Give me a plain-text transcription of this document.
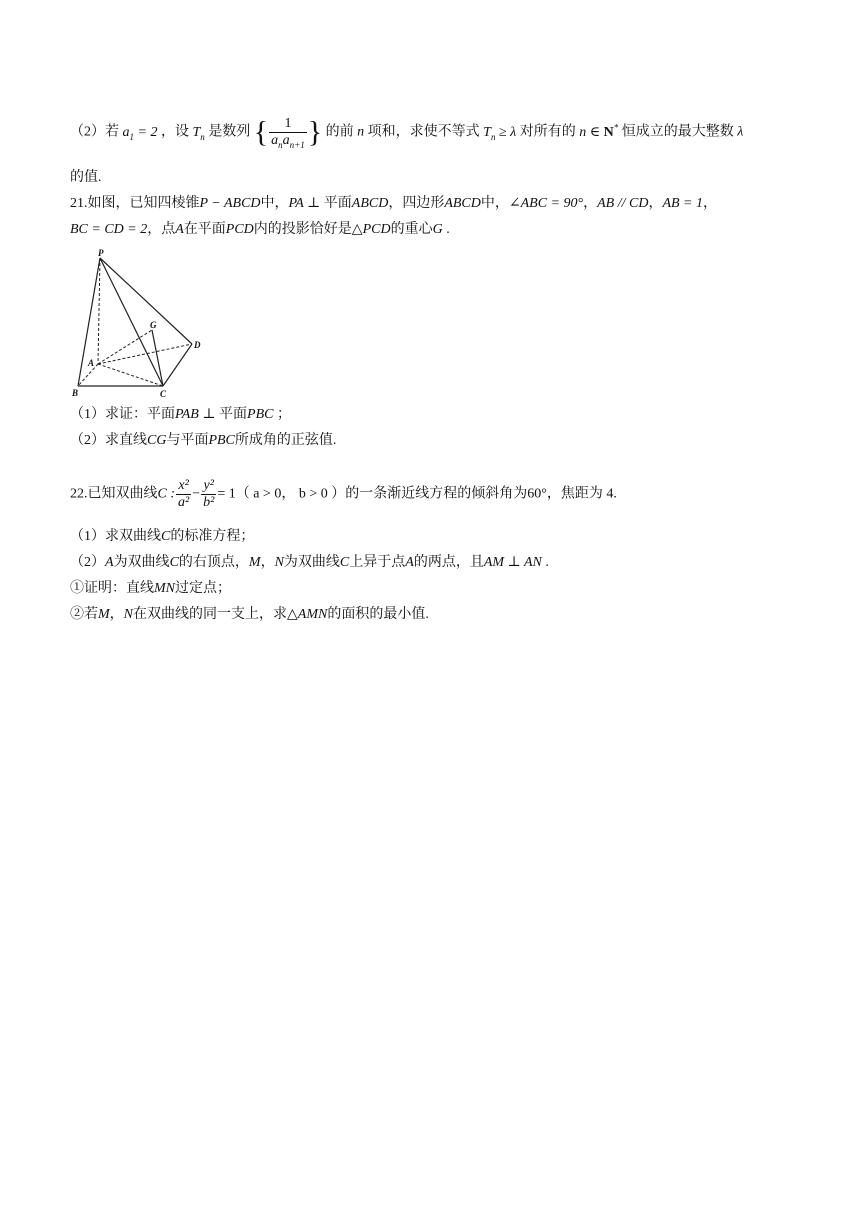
（2）若 $a_1 = 2$ ，设 $T_n$ 是数列 { $\frac{1}{a_na_{n+1}}$ } 的前 n 项和，求使不等式 $T_n \ge \lambda$ 对所有的 n ∈ N* 恒成立的最大整数 λ
的值.
21.如图，已知四棱锥P − ABCD中，PA ⊥ 平面ABCD，四边形ABCD中，∠ABC = 90°，AB // CD，AB = 1，
BC = CD = 2，点A在平面PCD内的投影恰好是△PCD的重心G .
P
G
D
A
B	C
（1）求证：平面PAB ⊥ 平面PBC ；
（2）求直线CG与平面PBC所成角的正弦值.
22.已知双曲线C : $\frac{\text{x²}}{\text{a²}} - \frac{\text{y²}}{\text{b²}} = 1$（ a > 0， b > 0 ）的一条渐近线方程的倾斜角为60°，焦距为 4.
（1）求双曲线C的标准方程；
（2）A为双曲线C的右顶点，M，N为双曲线C上异于点A的两点，且AM ⊥ AN .
①证明：直线MN过定点；
②若M，N在双曲线的同一支上，求△AMN的面积的最小值.
